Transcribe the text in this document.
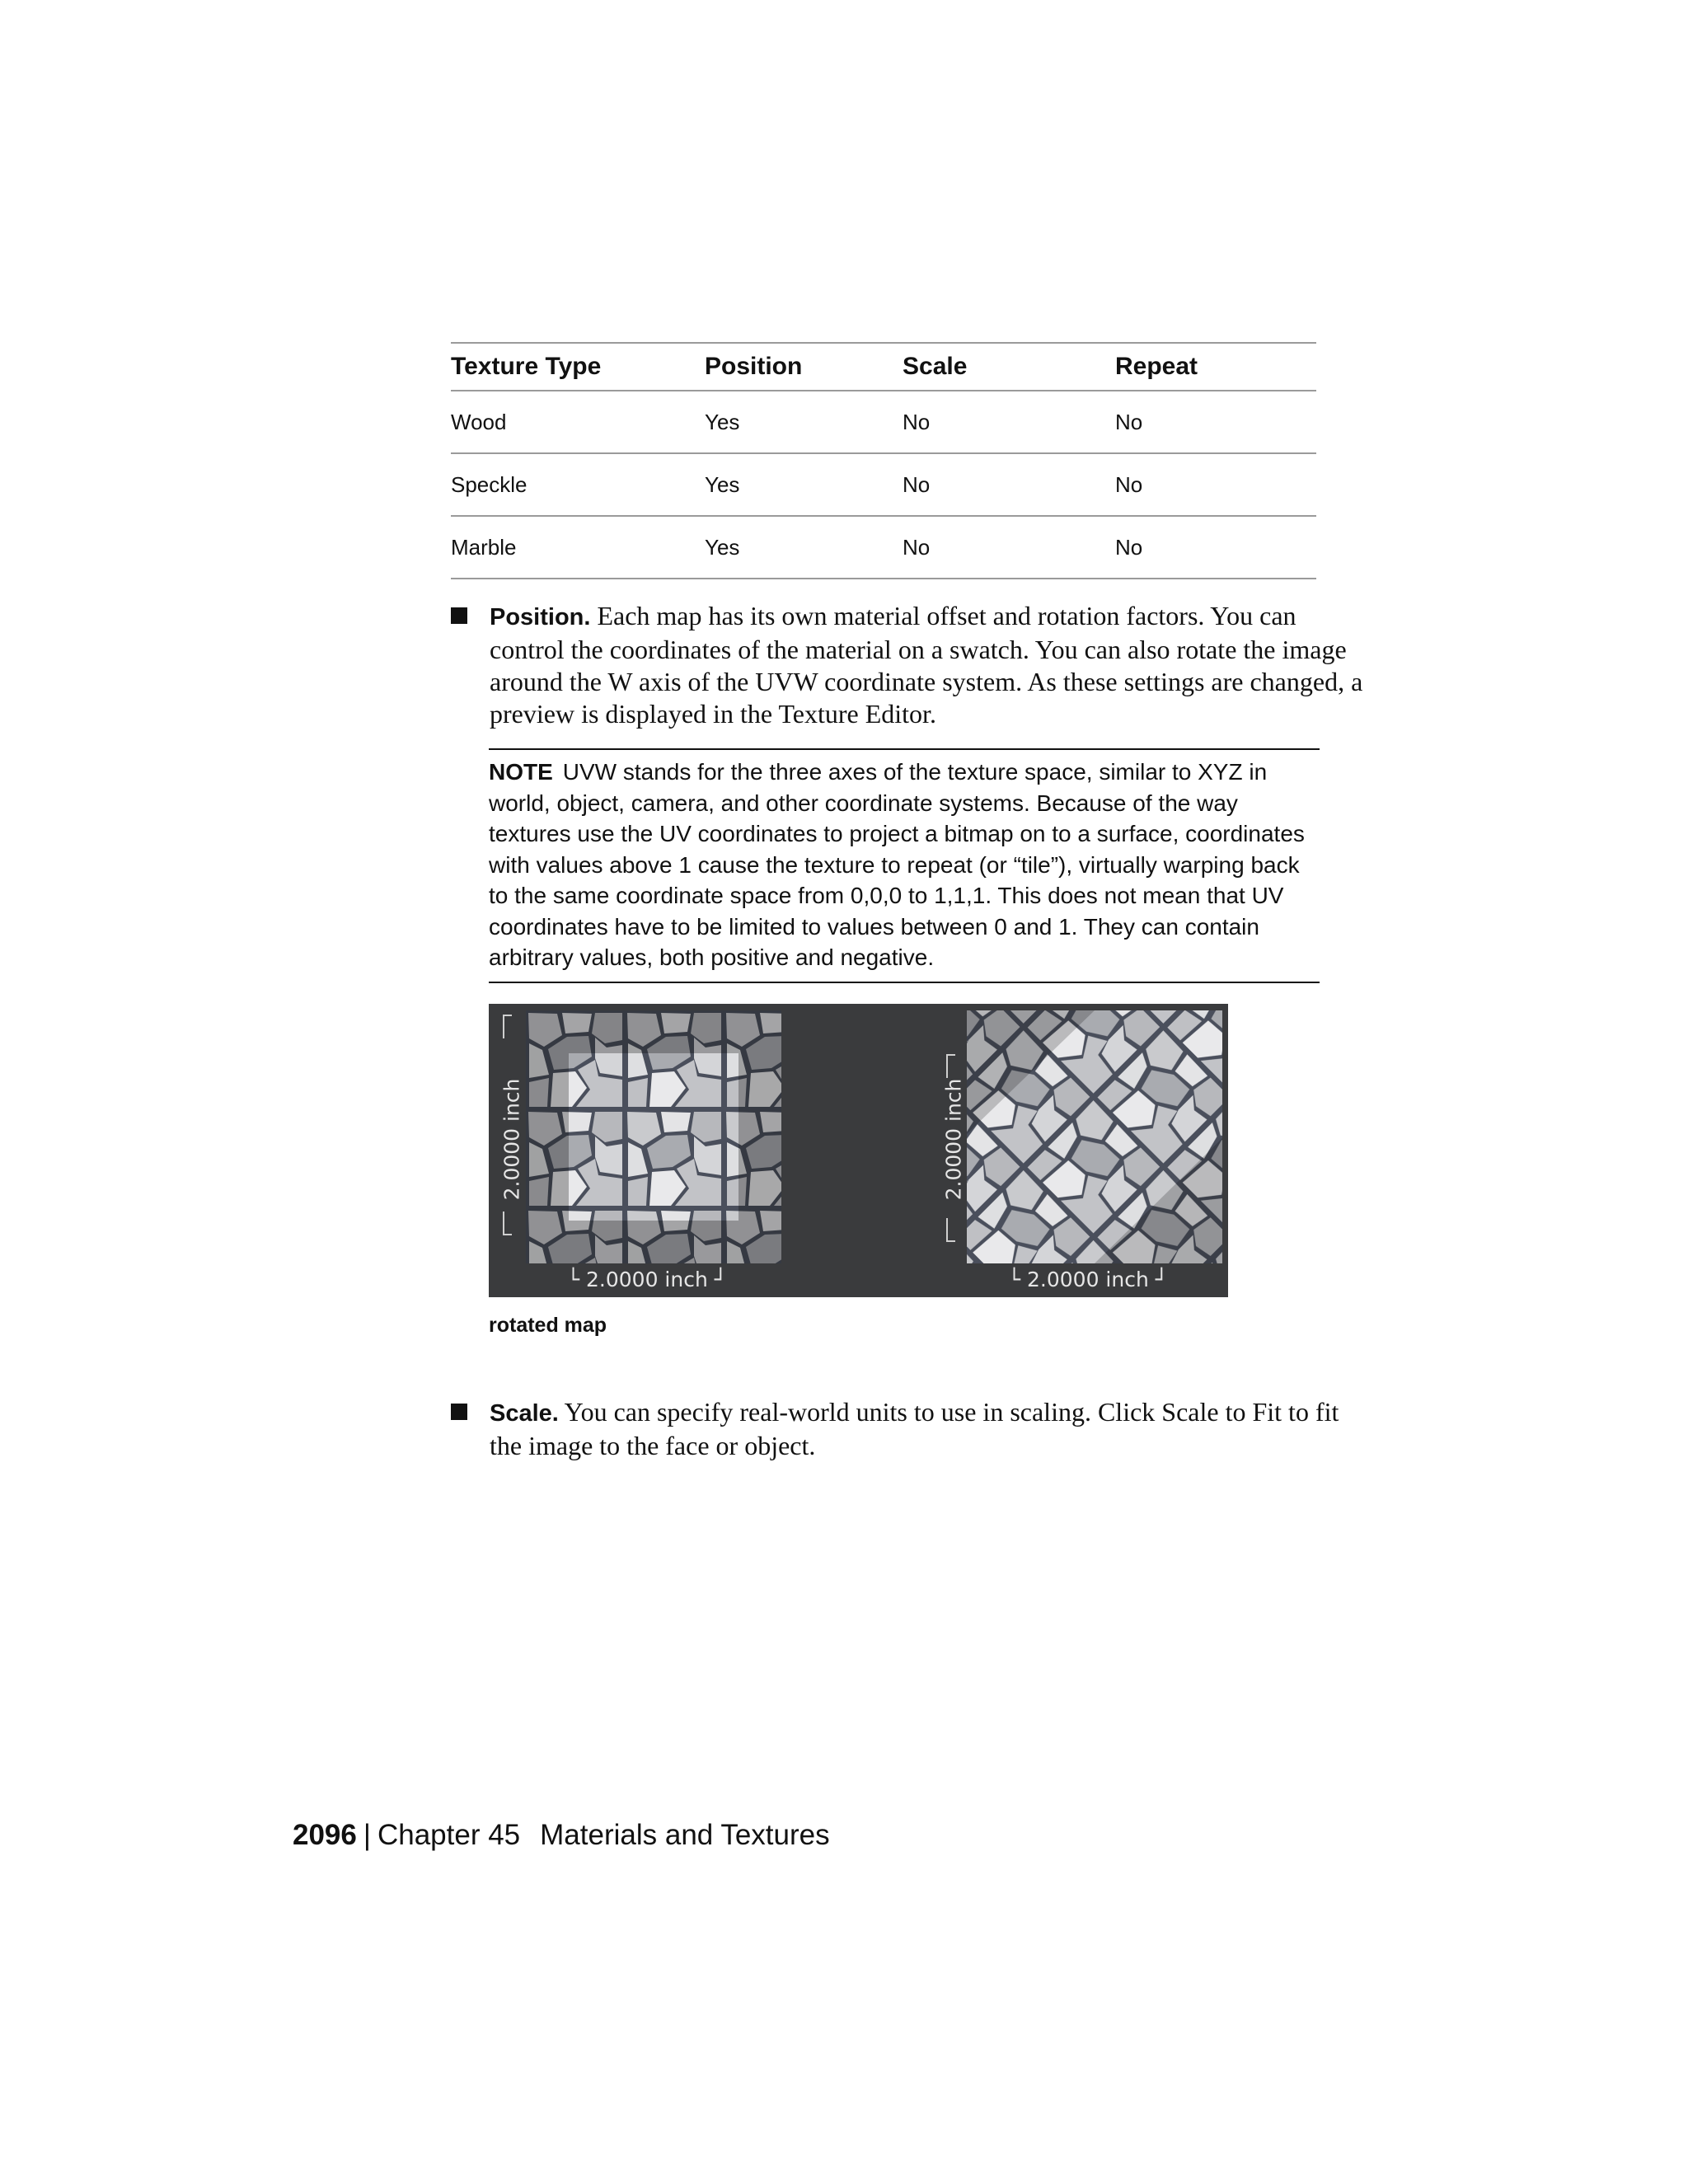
Texture Type	Position	Scale	Repeat
Wood	Yes	No	No
Speckle	Yes	No	No
Marble	Yes	No	No
Position. Each map has its own material offset and rotation factors. You can control the coordinates of the material on a swatch. You can also rotate the image around the W axis of the UVW coordinate system. As these settings are changed, a preview is displayed in the Texture Editor.
NOTE UVW stands for the three axes of the texture space, similar to XYZ in world, object, camera, and other coordinate systems. Because of the way textures use the UV coordinates to project a bitmap on to a surface, coordinates with values above 1 cause the texture to repeat (or “tile”), virtually warping back to the same coordinate space from 0,0,0 to 1,1,1. This does not mean that UV coordinates have to be limited to values between 0 and 1. They can contain arbitrary values, both positive and negative.
2.0000 inch
└ 2.0000 inch ┘
2.0000 inch
└ 2.0000 inch ┘
rotated map
Scale. You can specify real-world units to use in scaling. Click Scale to Fit to fit the image to the face or object.
2096 | Chapter 45 Materials and Textures
